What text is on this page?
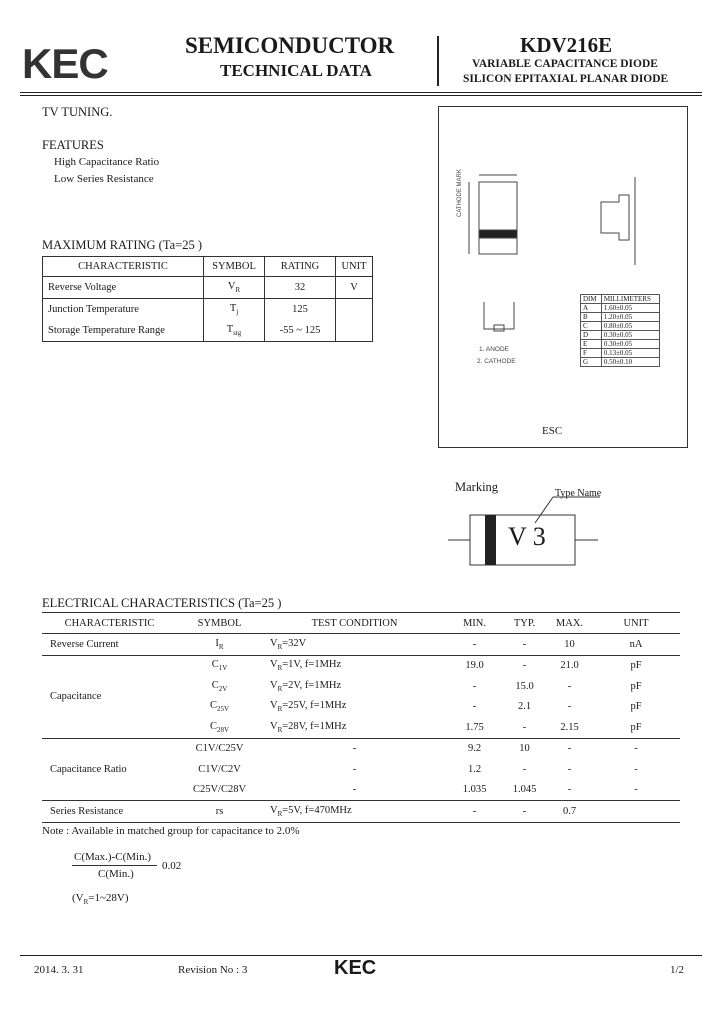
KEC	SEMICONDUCTOR
TECHNICAL DATA
KDV216E
VARIABLE CAPACITANCE DIODE
SILICON EPITAXIAL PLANAR DIODE
TV TUNING.
FEATURES
High Capacitance Ratio
Low Series Resistance
MAXIMUM RATING (Ta=25 )
CHARACTERISTIC	SYMBOL	RATING	UNIT
Reverse Voltage	$V_R$	32	V
Junction Temperature	$T_j$	125	
Storage Temperature Range	$T_{stg}$	-55 ~ 125	
CATHODE MARK
1. ANODE
2. CATHODE
DIM	MILLIMETERS
A	1.60±0.05
B	1.20±0.05
C	0.80±0.05
D	0.30±0.05
E	0.30±0.05
F	0.13±0.05
G	0.50±0.10
ESC
Marking	Type Name
V 3
ELECTRICAL CHARACTERISTICS (Ta=25 )
CHARACTERISTIC	SYMBOL	TEST CONDITION	MIN.	TYP.	MAX.	UNIT
Reverse Current	$I_R$	$V_R=32V$	-	-	10	nA
Capacitance	$C_{1V}$	$V_R=1V$, f=1MHz	19.0	-	21.0	pF
	$C_{2V}$	$V_R=2V$, f=1MHz	-	15.0	-	pF
	$C_{25V}$	$V_R=25V$, f=1MHz	-	2.1	-	pF
	$C_{28V}$	$V_R=28V$, f=1MHz	1.75	-	2.15	pF
Capacitance Ratio	C1V/C25V	-	9.2	10	-	-
	C1V/C2V	-	1.2	-	-	-
	C25V/C28V	-	1.035	1.045	-	-
Series Resistance	rs	$V_R=5V$, f=470MHz	-	-	0.7	
Note : Available in matched group for capacitance to 2.0%
C(Max.)-C(Min.)
C(Min.)
0.02
$(V_R=1\sim 28V)$
2014. 3. 31	Revision No : 3	KEC	1/2
